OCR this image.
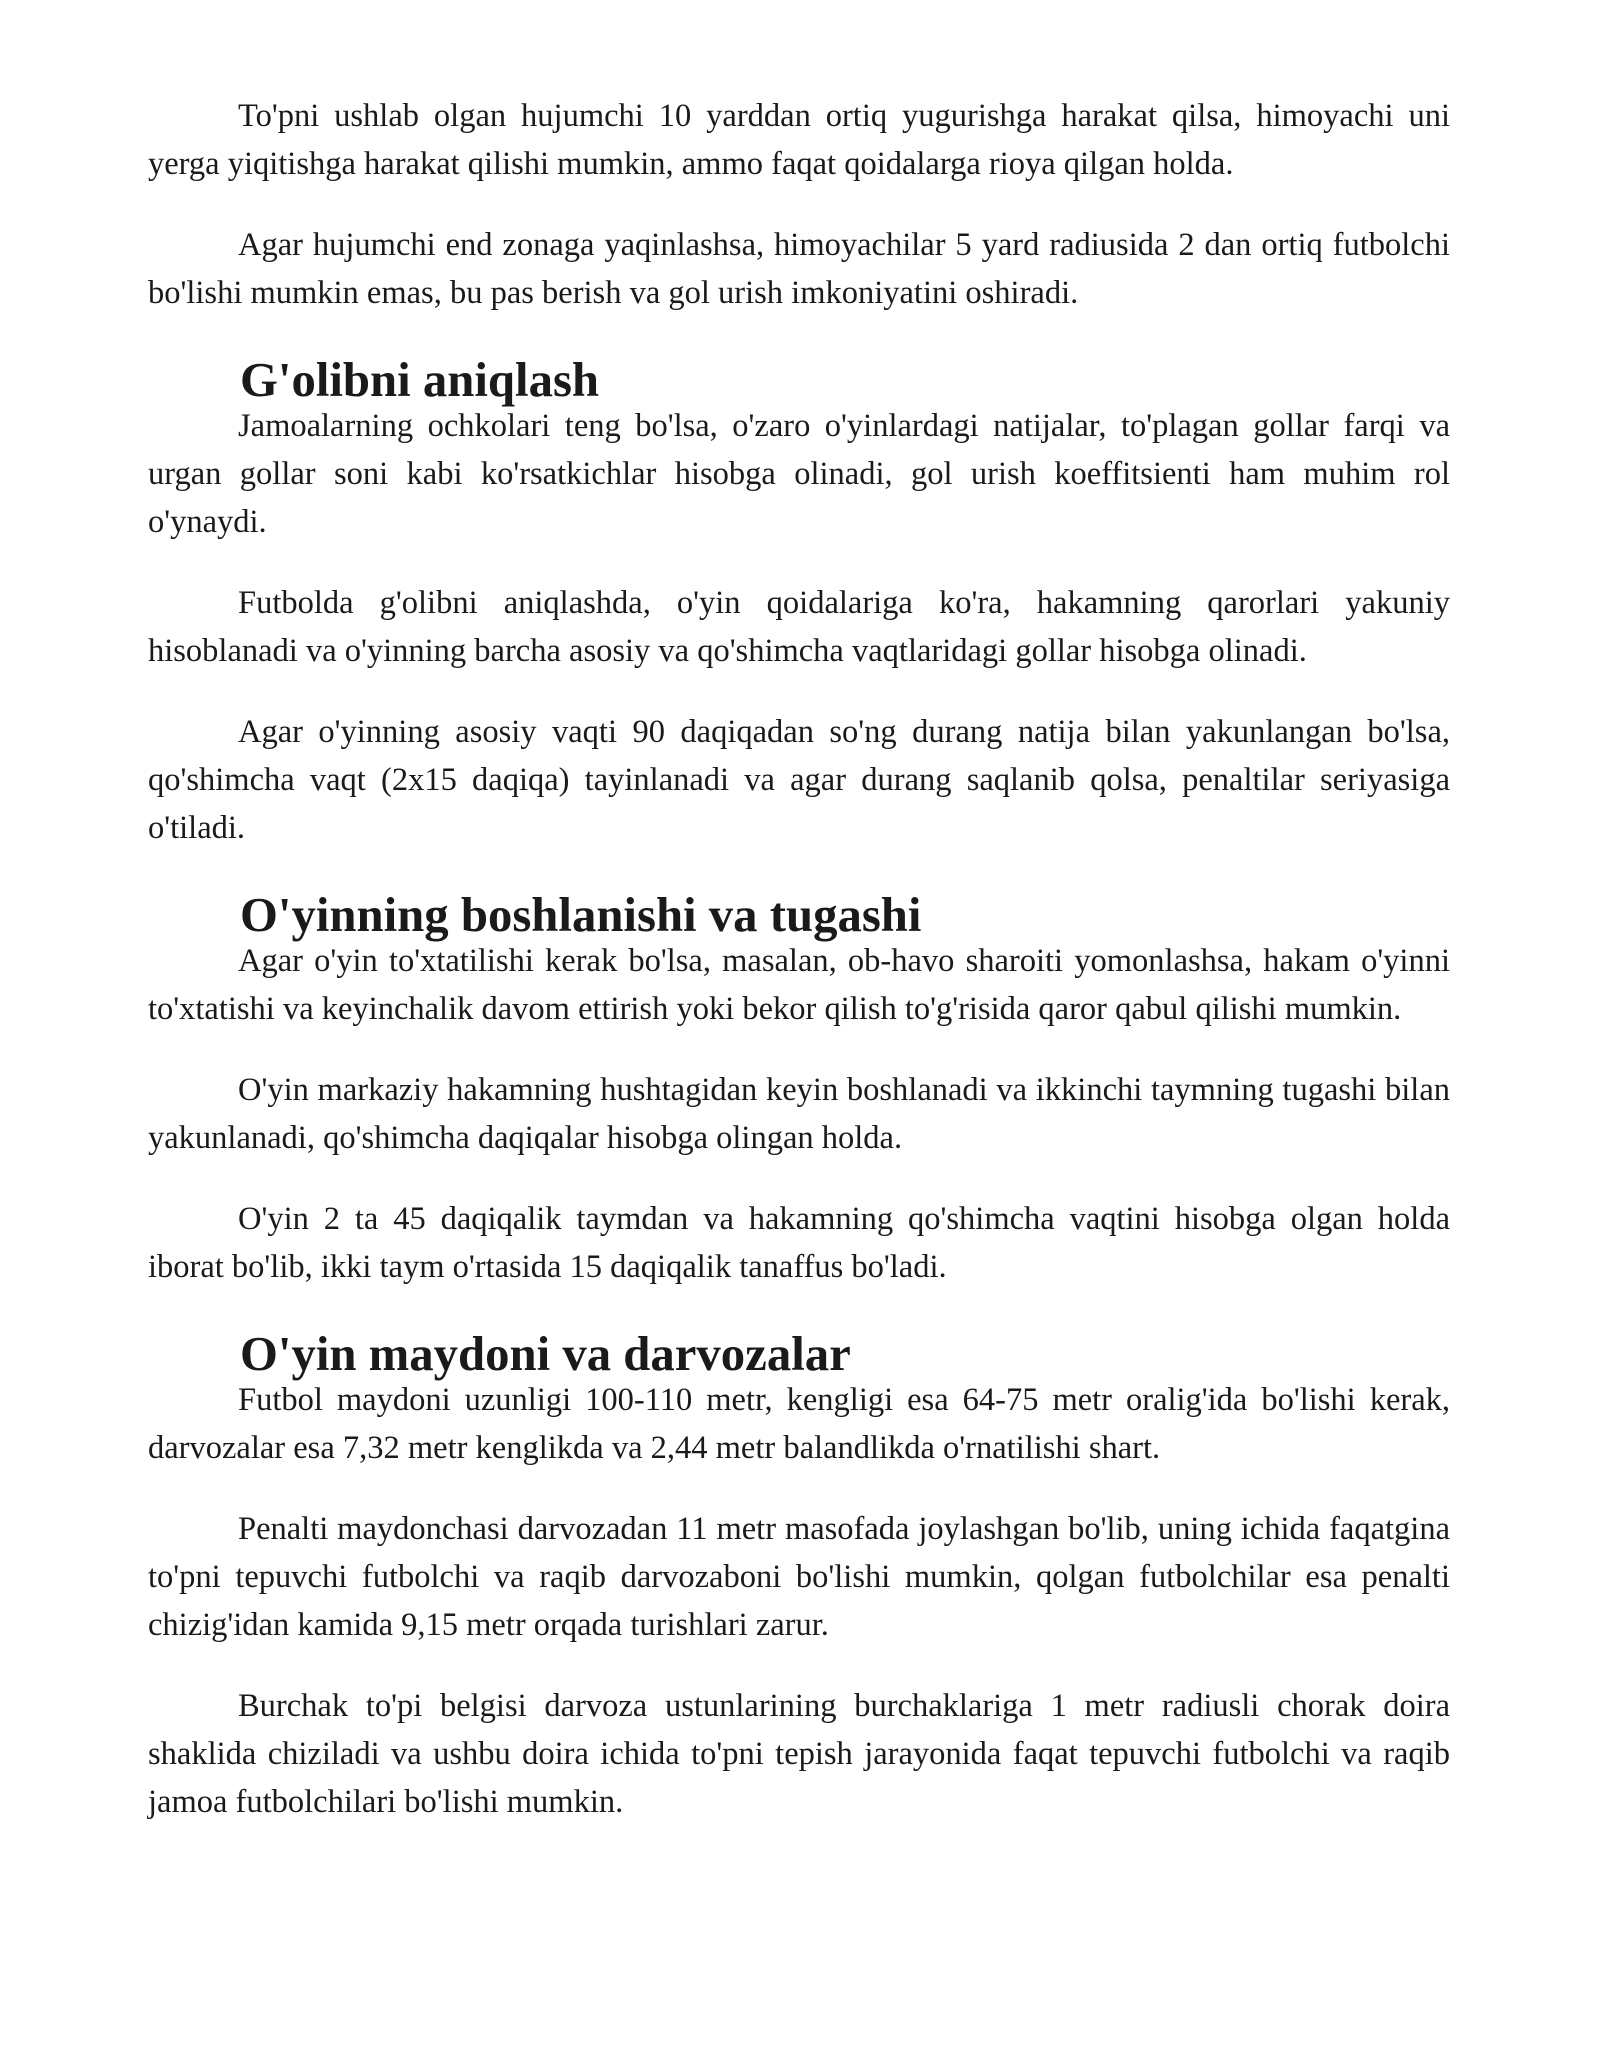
To'pni ushlab olgan hujumchi 10 yarddan ortiq yugurishga harakat qilsa, himoyachi uni yerga yiqitishga harakat qilishi mumkin, ammo faqat qoidalarga rioya qilgan holda.

Agar hujumchi end zonaga yaqinlashsa, himoyachilar 5 yard radiusida 2 dan ortiq futbolchi bo'lishi mumkin emas, bu pas berish va gol urish imkoniyatini oshiradi.

G'olibni aniqlash

Jamoalarning ochkolari teng bo'lsa, o'zaro o'yinlardagi natijalar, to'plagan gollar farqi va urgan gollar soni kabi ko'rsatkichlar hisobga olinadi, gol urish koeffitsienti ham muhim rol o'ynaydi.

Futbolda g'olibni aniqlashda, o'yin qoidalariga ko'ra, hakamning qarorlari yakuniy hisoblanadi va o'yinning barcha asosiy va qo'shimcha vaqtlaridagi gollar hisobga olinadi.

Agar o'yinning asosiy vaqti 90 daqiqadan so'ng durang natija bilan yakunlangan bo'lsa, qo'shimcha vaqt (2x15 daqiqa) tayinlanadi va agar durang saqlanib qolsa, penaltilar seriyasiga o'tiladi.

O'yinning boshlanishi va tugashi

Agar o'yin to'xtatilishi kerak bo'lsa, masalan, ob-havo sharoiti yomonlashsa, hakam o'yinni to'xtatishi va keyinchalik davom ettirish yoki bekor qilish to'g'risida qaror qabul qilishi mumkin.

O'yin markaziy hakamning hushtagidan keyin boshlanadi va ikkinchi taymning tugashi bilan yakunlanadi, qo'shimcha daqiqalar hisobga olingan holda.

O'yin 2 ta 45 daqiqalik taymdan va hakamning qo'shimcha vaqtini hisobga olgan holda iborat bo'lib, ikki taym o'rtasida 15 daqiqalik tanaffus bo'ladi.

O'yin maydoni va darvozalar

Futbol maydoni uzunligi 100-110 metr, kengligi esa 64-75 metr oralig'ida bo'lishi kerak, darvozalar esa 7,32 metr kenglikda va 2,44 metr balandlikda o'rnatilishi shart.

Penalti maydonchasi darvozadan 11 metr masofada joylashgan bo'lib, uning ichida faqatgina to'pni tepuvchi futbolchi va raqib darvozaboni bo'lishi mumkin, qolgan futbolchilar esa penalti chizig'idan kamida 9,15 metr orqada turishlari zarur.

Burchak to'pi belgisi darvoza ustunlarining burchaklariga 1 metr radiusli chorak doira shaklida chiziladi va ushbu doira ichida to'pni tepish jarayonida faqat tepuvchi futbolchi va raqib jamoa futbolchilari bo'lishi mumkin.
